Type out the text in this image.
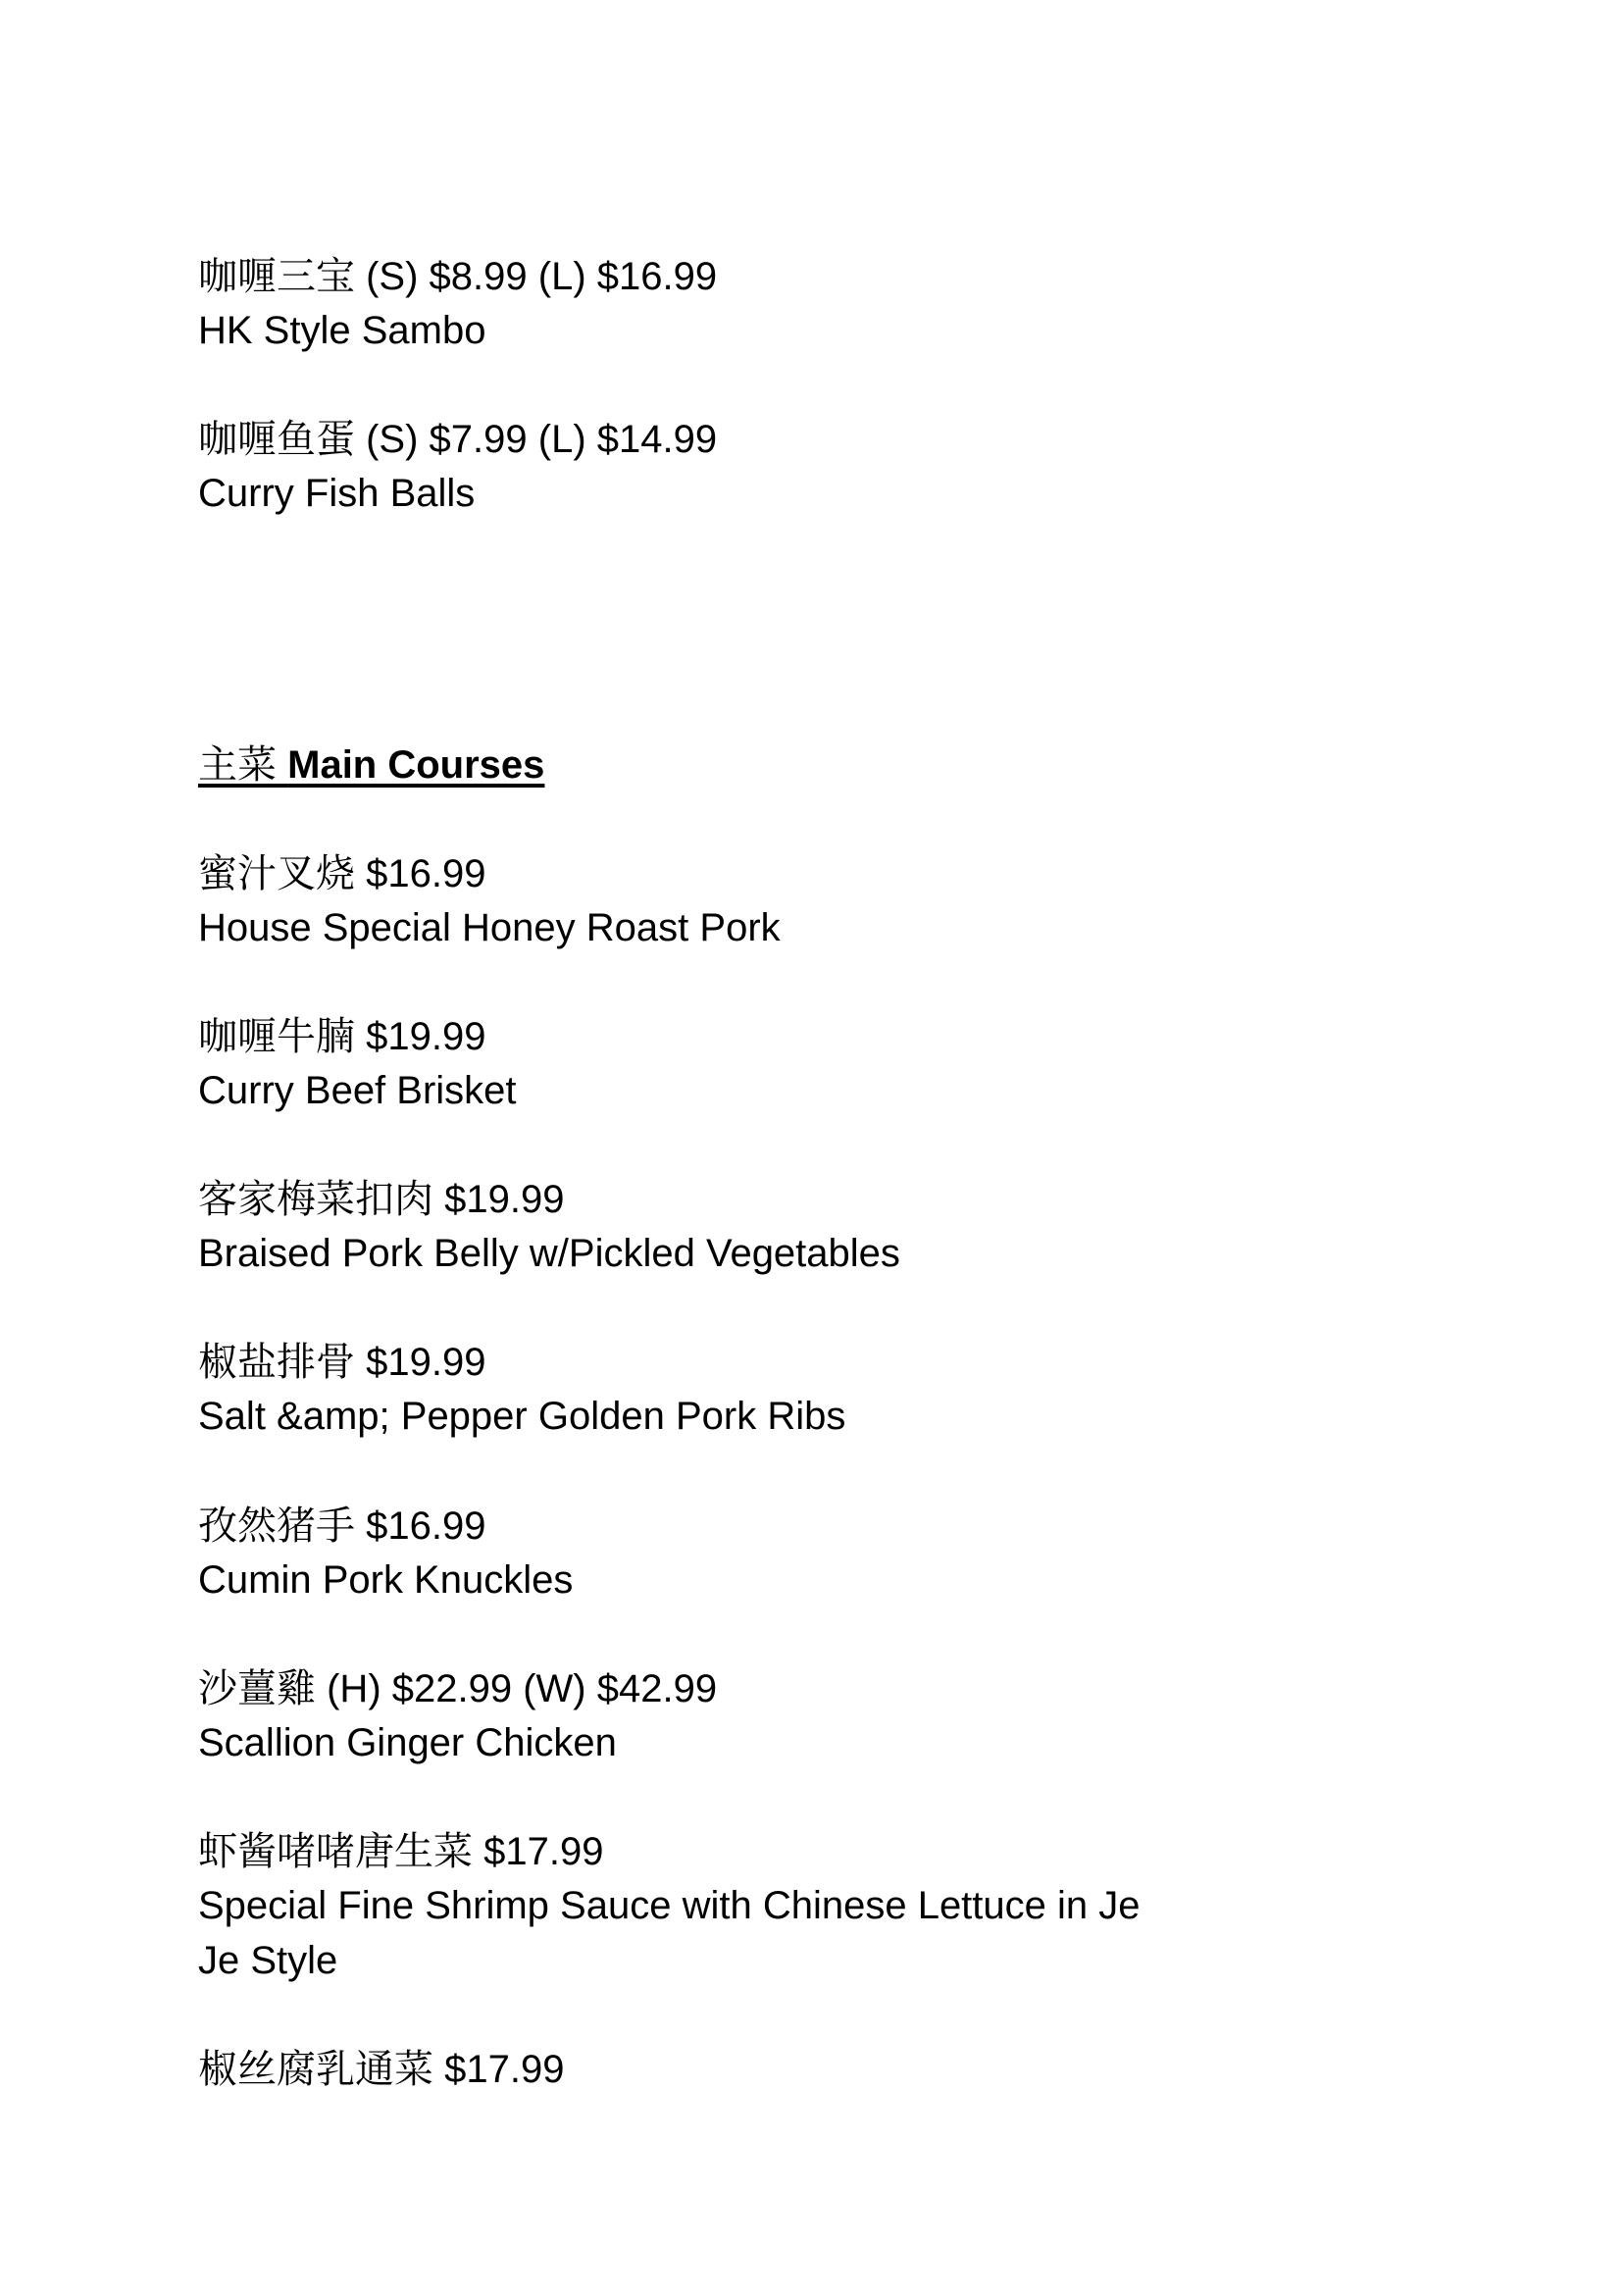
咖喱三宝 (S) $8.99 (L) $16.99
HK Style Sambo
咖喱鱼蛋 (S) $7.99 (L) $14.99
Curry Fish Balls
主菜 Main Courses
蜜汁叉烧 $16.99
House Special Honey Roast Pork
咖喱牛腩 $19.99
Curry Beef Brisket
客家梅菜扣肉 $19.99
Braised Pork Belly w/Pickled Vegetables
椒盐排骨 $19.99
Salt &amp; Pepper Golden Pork Ribs
孜然猪手 $16.99
Cumin Pork Knuckles
沙薑雞 (H) $22.99 (W) $42.99
Scallion Ginger Chicken
虾酱啫啫唐生菜 $17.99
Special Fine Shrimp Sauce with Chinese Lettuce in Je
Je Style
椒丝腐乳通菜 $17.99
